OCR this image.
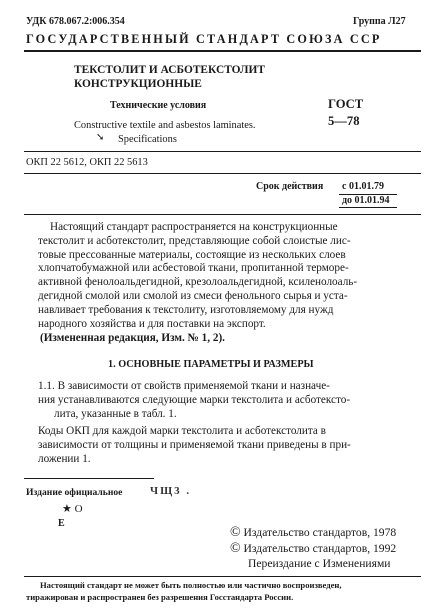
УДК 678.067.2:006.354	Группа Л27
ГОСУДАРСТВЕННЫЙ СТАНДАРТ СОЮЗА ССР
ТЕКСТОЛИТ И АСБОТЕКСТОЛИТ
КОНСТРУКЦИОННЫЕ
Технические условия
Constructive textile and asbestos laminates.
Specifications
➘
ГОСТ
5—78
ОКП 22 5612, ОКП 22 5613
Срок действия с 01.01.79
до 01.01.94
Настоящий стандарт распространяется на конструкционные
текстолит и асботекстолит, представляющие собой слоистые лис-
товые прессованные материалы, состоящие из нескольких слоев
хлопчатобумажной или асбестовой ткани, пропитанной терморе-
активной фенолоальдегидной, крезолоальдегидной, ксиленолоаль-
дегидной смолой или смолой из смеси фенольного сырья и уста-
навливает требования к текстолиту, изготовляемому для нужд
народного хозяйства и для поставки на экспорт.
(Измененная редакция, Изм. № 1, 2).
1. ОСНОВНЫЕ ПАРАМЕТРЫ И РАЗМЕРЫ
1.1. В зависимости от свойств применяемой ткани и назначе-
ния устанавливаются следующие марки текстолита и асботексто-
лита, указанные в табл. 1.
Коды ОКП для каждой марки текстолита и асботекстолита в
зависимости от толщины и применяемой ткани приведены в при-
ложении 1.
Издание официальное	ЧЩ3 .
★ О
Е
© Издательство стандартов, 1978
© Издательство стандартов, 1992
Переиздание с Изменениями
Настоящий стандарт не может быть полностью или частично воспроизведен,
тиражирован и распространен без разрешения Госстандарта России.
